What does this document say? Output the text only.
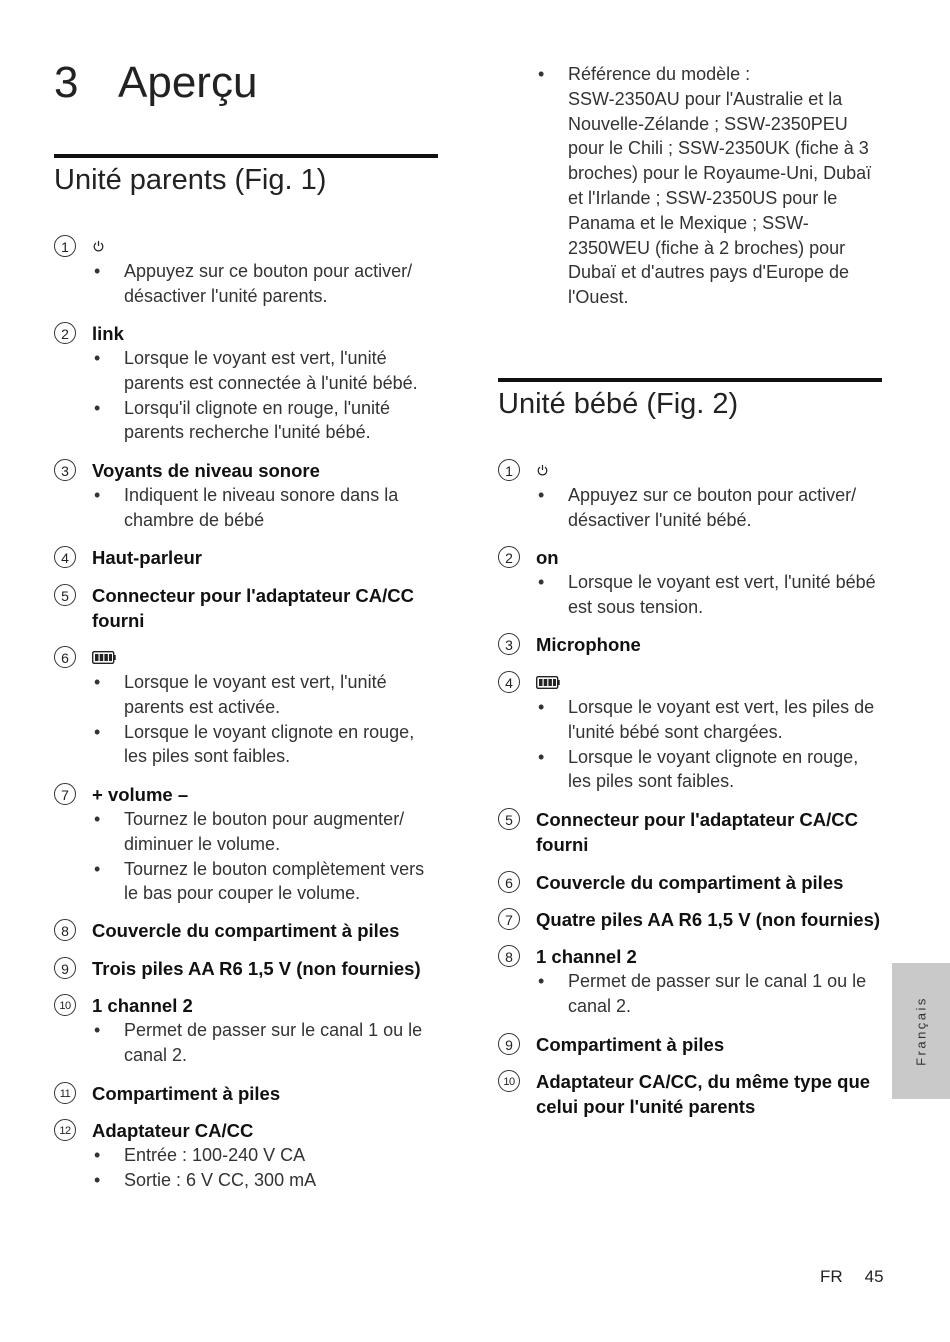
3 Aperçu
Unité parents (Fig. 1)
1
• Appuyez sur ce bouton pour activer/ désactiver l'unité parents.
2	link
• Lorsque le voyant est vert, l'unité parents est connectée à l'unité bébé.
• Lorsqu'il clignote en rouge, l'unité parents recherche l'unité bébé.
3	Voyants de niveau sonore
• Indiquent le niveau sonore dans la chambre de bébé
4	Haut-parleur
5	Connecteur pour l'adaptateur CA/CC fourni
6
• Lorsque le voyant est vert, l'unité parents est activée.
• Lorsque le voyant clignote en rouge, les piles sont faibles.
7	+ volume –
• Tournez le bouton pour augmenter/ diminuer le volume.
• Tournez le bouton complètement vers le bas pour couper le volume.
8	Couvercle du compartiment à piles
9	Trois piles AA R6 1,5 V (non fournies)
10 1 channel 2
• Permet de passer sur le canal 1 ou le canal 2.
11	Compartiment à piles
12 Adaptateur CA/CC
• Entrée : 100-240 V CA
• Sortie : 6 V CC, 300 mA
• Référence du modèle :
SSW-2350AU pour l'Australie et la Nouvelle-Zélande ; SSW-2350PEU pour le Chili ; SSW-2350UK (fiche à 3 broches) pour le Royaume-Uni, Dubaï et l'Irlande ; SSW-2350US pour le Panama et le Mexique ; SSW-2350WEU (fiche à 2 broches) pour Dubaï et d'autres pays d'Europe de l'Ouest.
Unité bébé (Fig. 2)
1
• Appuyez sur ce bouton pour activer/ désactiver l'unité bébé.
2	on
• Lorsque le voyant est vert, l'unité bébé est sous tension.
3	Microphone
4
• Lorsque le voyant est vert, les piles de l'unité bébé sont chargées.
• Lorsque le voyant clignote en rouge, les piles sont faibles.
5	Connecteur pour l'adaptateur CA/CC fourni
6	Couvercle du compartiment à piles
7	Quatre piles AA R6 1,5 V (non fournies)
8	1 channel 2
• Permet de passer sur le canal 1 ou le canal 2.
9	Compartiment à piles
10 Adaptateur CA/CC, du même type que celui pour l'unité parents
Français
FR 45
